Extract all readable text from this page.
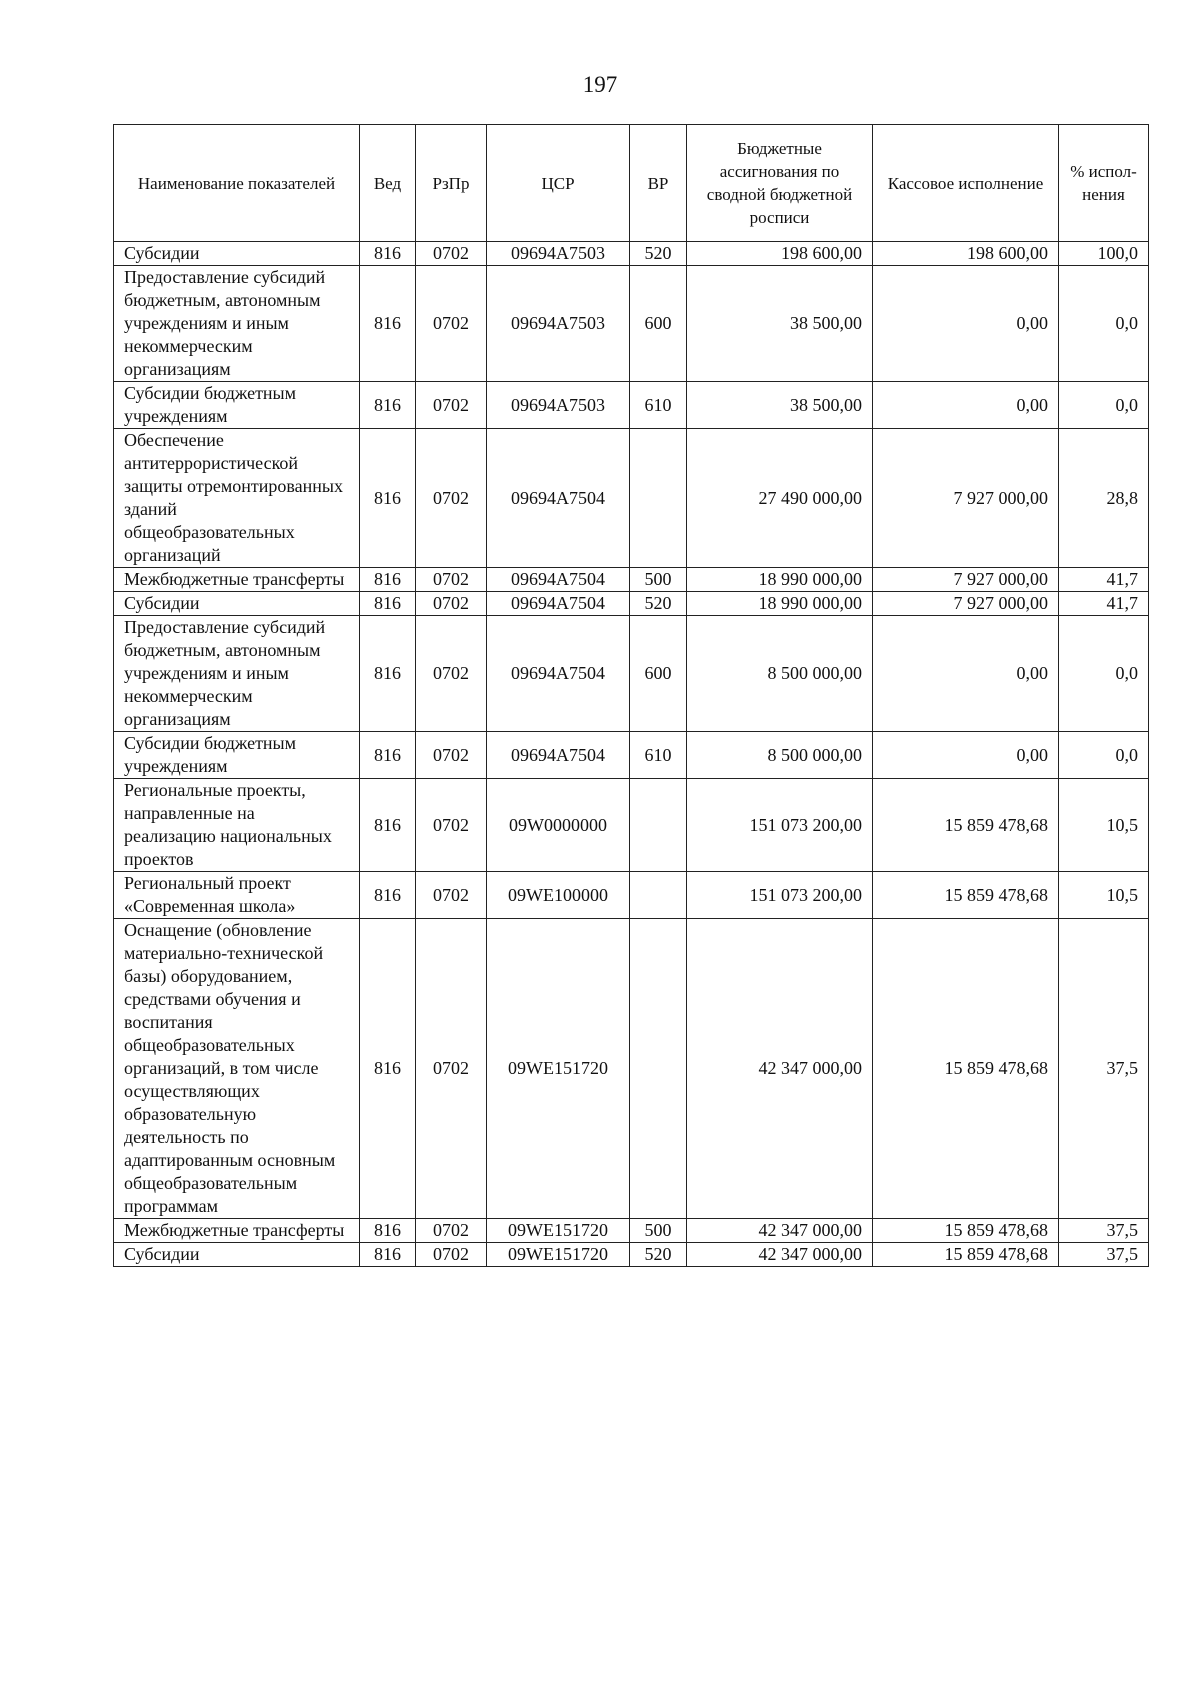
197
Наименование показателей	Вед	РзПр	ЦСР	ВР	Бюджетные ассигнования по сводной бюджетной росписи	Кассовое исполнение	% испол- нения
Субсидии	816	0702	09694А7503	520	198 600,00	198 600,00	100,0
Предоставление субсидий бюджетным, автономным учреждениям и иным некоммерческим организациям	816	0702	09694А7503	600	38 500,00	0,00	0,0
Субсидии бюджетным учреждениям	816	0702	09694А7503	610	38 500,00	0,00	0,0
Обеспечение антитеррористической защиты отремонтированных зданий общеобразовательных организаций	816	0702	09694А7504		27 490 000,00	7 927 000,00	28,8
Межбюджетные трансферты	816	0702	09694А7504	500	18 990 000,00	7 927 000,00	41,7
Субсидии	816	0702	09694А7504	520	18 990 000,00	7 927 000,00	41,7
Предоставление субсидий бюджетным, автономным учреждениям и иным некоммерческим организациям	816	0702	09694А7504	600	8 500 000,00	0,00	0,0
Субсидии бюджетным учреждениям	816	0702	09694А7504	610	8 500 000,00	0,00	0,0
Региональные проекты, направленные на реализацию национальных проектов	816	0702	09W0000000		151 073 200,00	15 859 478,68	10,5
Региональный проект «Современная школа»	816	0702	09WE100000		151 073 200,00	15 859 478,68	10,5
Оснащение (обновление материально-технической базы) оборудованием, средствами обучения и воспитания общеобразовательных организаций, в том числе осуществляющих образовательную деятельность по адаптированным основным общеобразовательным программам	816	0702	09WE151720		42 347 000,00	15 859 478,68	37,5
Межбюджетные трансферты	816	0702	09WE151720	500	42 347 000,00	15 859 478,68	37,5
Субсидии	816	0702	09WE151720	520	42 347 000,00	15 859 478,68	37,5
